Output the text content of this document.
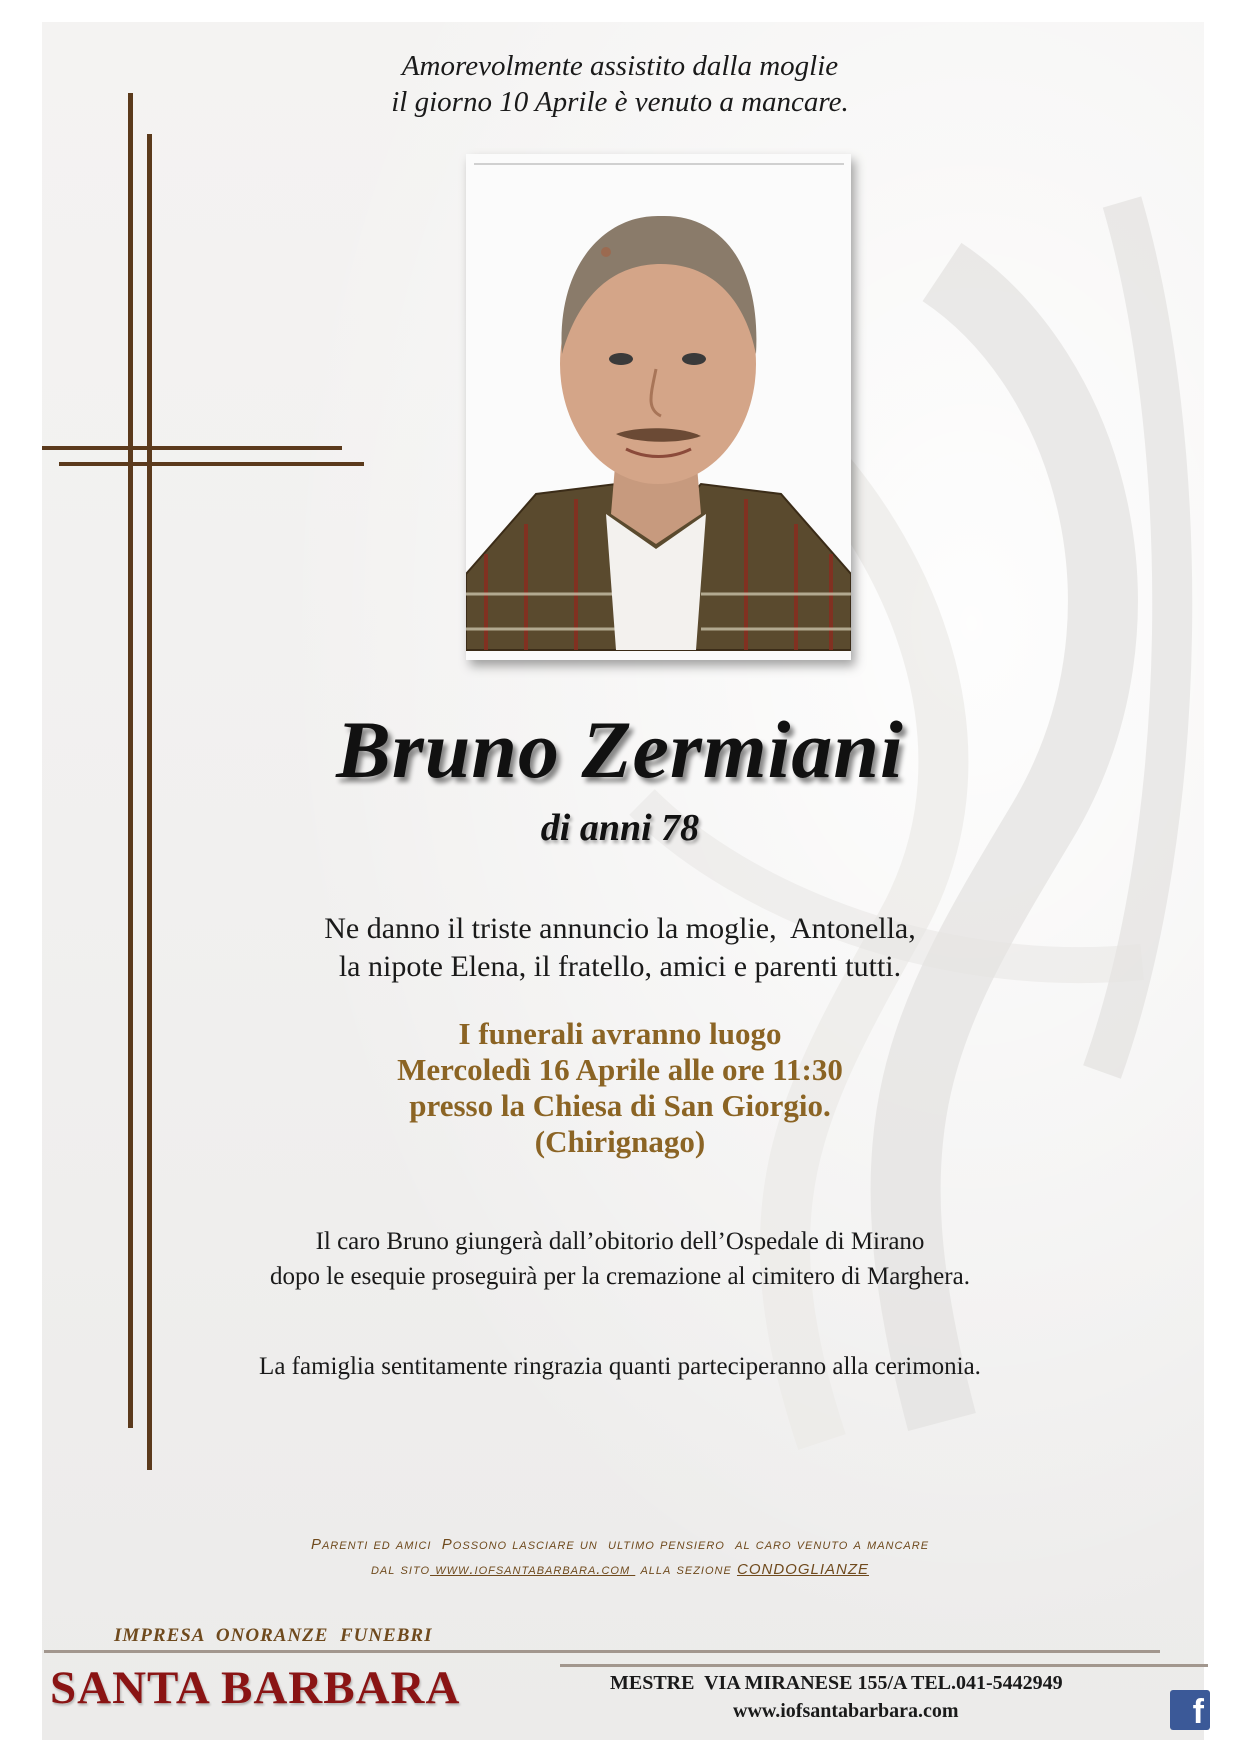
Amorevolmente assistito dalla moglie
il giorno 10 Aprile è venuto a mancare.
Bruno Zermiani
di anni 78
Ne danno il triste annuncio la moglie,  Antonella,
la nipote Elena, il fratello, amici e parenti tutti.
I funerali avranno luogo
Mercoledì 16 Aprile alle ore 11:30
presso la Chiesa di San Giorgio.
(Chirignago)
Il caro Bruno giungerà dall’obitorio dell’Ospedale di Mirano
dopo le esequie proseguirà per la cremazione al cimitero di Marghera.
La famiglia sentitamente ringrazia quanti parteciperanno alla cerimonia.
Parenti ed amici  Possono lasciare un  ultimo pensiero  al caro venuto a mancare
dal sito www.iofsantabarbara.com  alla sezione CONDOGLIANZE
IMPRESA  ONORANZE  FUNEBRI
SANTA BARBARA	MESTRE  VIA MIRANESE 155/A TEL.041-5442949
www.iofsantabarbara.com	f
